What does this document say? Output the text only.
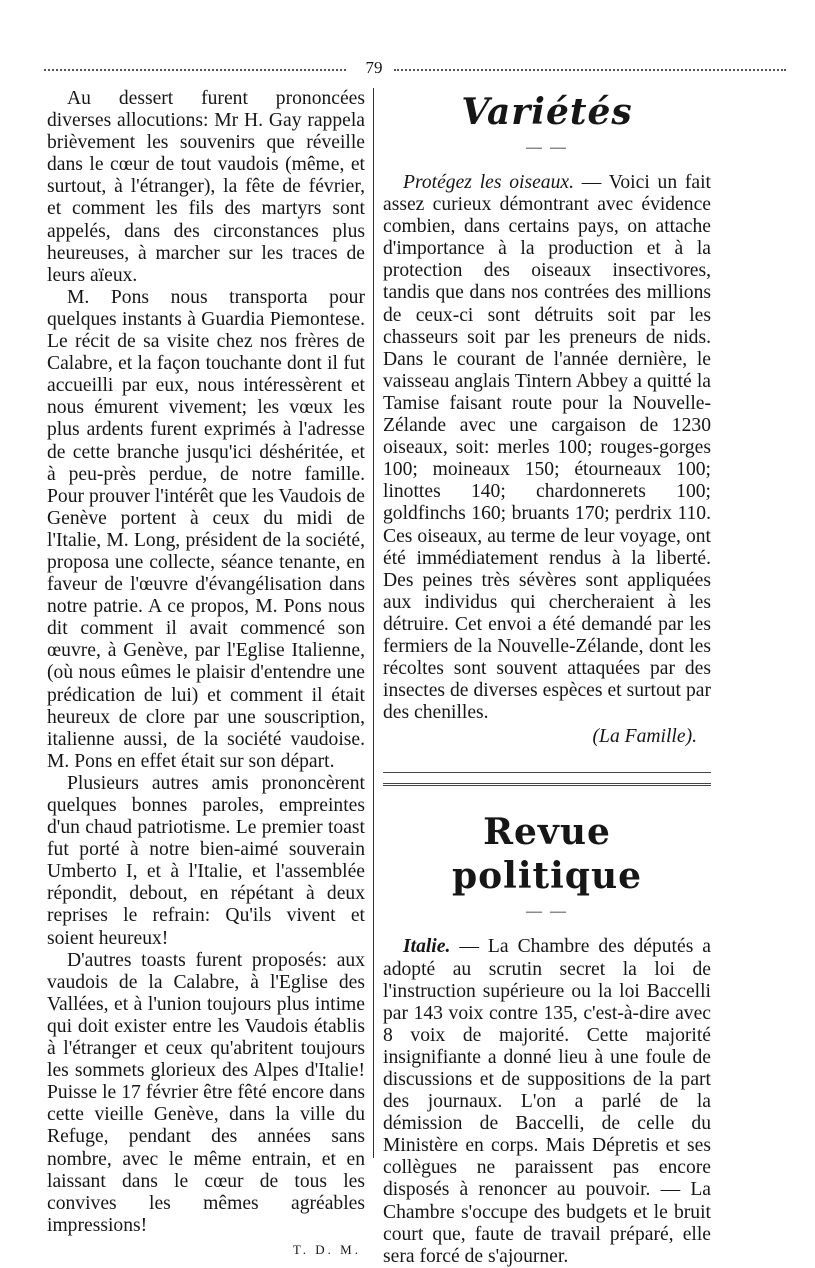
79

Au dessert furent prononcées diverses allocutions: Mr H. Gay rappela brièvement les souvenirs que réveille dans le cœur de tout vaudois (même, et surtout, à l'étranger), la fête de février, et comment les fils des martyrs sont appelés, dans des circonstances plus heureuses, à marcher sur les traces de leurs aïeux.

M. Pons nous transporta pour quelques instants à Guardia Piemontese. Le récit de sa visite chez nos frères de Calabre, et la façon touchante dont il fut accueilli par eux, nous intéressèrent et nous émurent vivement; les vœux les plus ardents furent exprimés à l'adresse de cette branche jusqu'ici déshéritée, et à peu-près perdue, de notre famille. Pour prouver l'intérêt que les Vaudois de Genève portent à ceux du midi de l'Italie, M. Long, président de la société, proposa une collecte, séance tenante, en faveur de l'œuvre d'évangélisation dans notre patrie. A ce propos, M. Pons nous dit comment il avait commencé son œuvre, à Genève, par l'Eglise Italienne, (où nous eûmes le plaisir d'entendre une prédication de lui) et comment il était heureux de clore par une souscription, italienne aussi, de la société vaudoise. M. Pons en effet était sur son départ.

Plusieurs autres amis prononcèrent quelques bonnes paroles, empreintes d'un chaud patriotisme. Le premier toast fut porté à notre bien-aimé souverain Umberto I, et à l'Italie, et l'assemblée répondit, debout, en répétant à deux reprises le refrain: Qu'ils vivent et soient heureux!

D'autres toasts furent proposés: aux vaudois de la Calabre, à l'Eglise des Vallées, et à l'union toujours plus intime qui doit exister entre les Vaudois établis à l'étranger et ceux qu'abritent toujours les sommets glorieux des Alpes d'Italie! Puisse le 17 février être fêté encore dans cette vieille Genève, dans la ville du Refuge, pendant des années sans nombre, avec le même entrain, et en laissant dans le cœur de tous les convives les mêmes agréables impressions!

T. D. M.
Variétés
— —

Protégez les oiseaux. — Voici un fait assez curieux démontrant avec évidence combien, dans certains pays, on attache d'importance à la production et à la protection des oiseaux insectivores, tandis que dans nos contrées des millions de ceux-ci sont détruits soit par les chasseurs soit par les preneurs de nids. Dans le courant de l'année dernière, le vaisseau anglais Tintern Abbey a quitté la Tamise faisant route pour la Nouvelle-Zélande avec une cargaison de 1230 oiseaux, soit: merles 100; rouges-gorges 100; moineaux 150; étourneaux 100; linottes 140; chardonnerets 100; goldfinchs 160; bruants 170; perdrix 110. Ces oiseaux, au terme de leur voyage, ont été immédiatement rendus à la liberté. Des peines très sévères sont appliquées aux individus qui chercheraient à les détruire. Cet envoi a été demandé par les fermiers de la Nouvelle-Zélande, dont les récoltes sont souvent attaquées par des insectes de diverses espèces et surtout par des chenilles.

(La Famille).
Revue politique
— —

Italie. — La Chambre des députés a adopté au scrutin secret la loi de l'instruction supérieure ou la loi Baccelli par 143 voix contre 135, c'est-à-dire avec 8 voix de majorité. Cette majorité insignifiante a donné lieu à une foule de discussions et de suppositions de la part des journaux. L'on a parlé de la démission de Baccelli, de celle du Ministère en corps. Mais Dépretis et ses collègues ne paraissent pas encore disposés à renoncer au pouvoir. — La Chambre s'occupe des budgets et le bruit court que, faute de travail préparé, elle sera forcé de s'ajourner.
